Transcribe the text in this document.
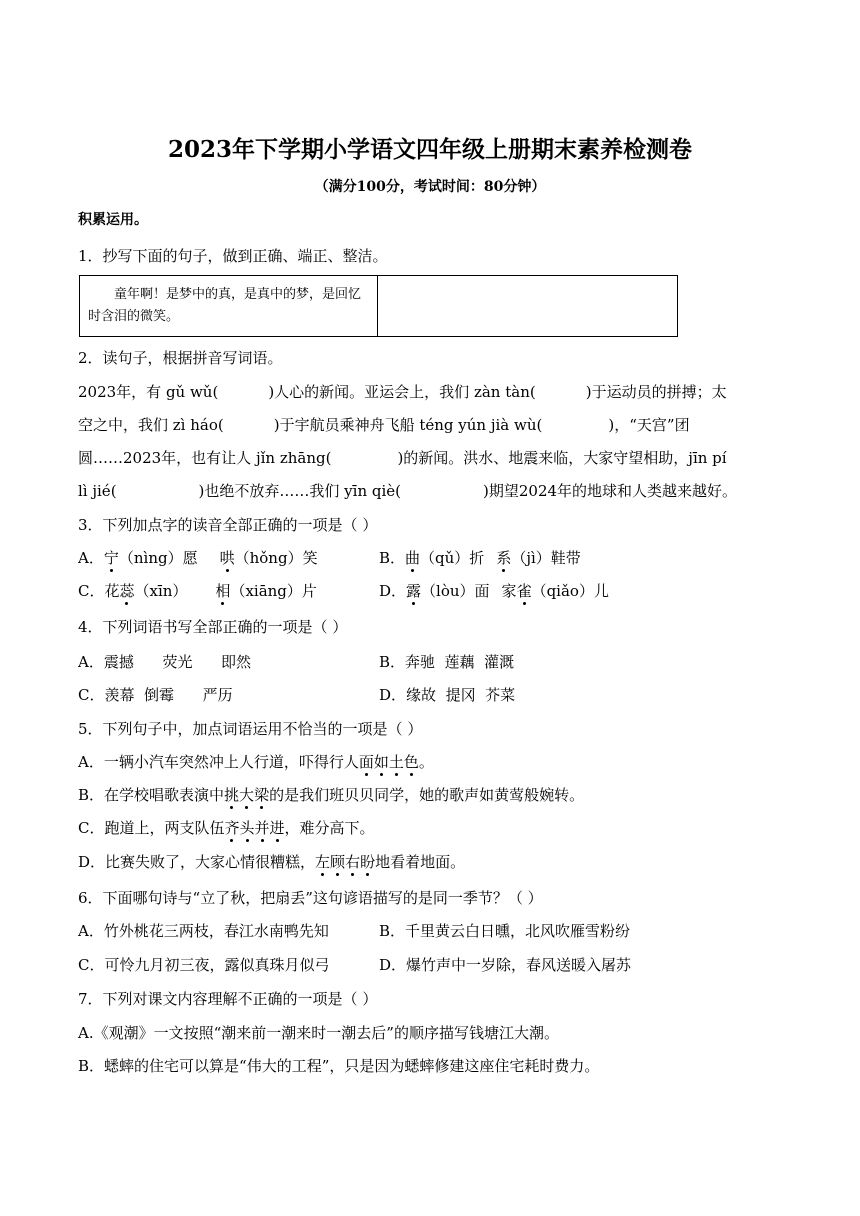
2023年下学期小学语文四年级上册期末素养检测卷
（满分100分，考试时间：80分钟）
积累运用。
1．抄写下面的句子，做到正确、端正、整洁。
童年啊！是梦中的真，是真中的梦，是回忆时含泪的微笑。
2．读句子，根据拼音写词语。
2023年，有 gǔ wǔ(	)人心的新闻。亚运会上，我们 zàn tàn(	)于运动员的拼搏；太
空之中，我们 zì háo(	)于宇航员乘神舟飞船 téng yún jià wù(	)，“天宫”团
圆……2023年，也有让人 jǐn zhāng(	)的新闻。洪水、地震来临，大家守望相助，jīn pí
lì jié(	)也绝不放弃……我们 yīn qiè(	)期望2024年的地球和人类越来越好。
3．下列加点字的读音全部正确的一项是（ ）
A．宁（nìng）愿 哄（hǒng）笑	B．曲（qǔ）折 系（jì）鞋带
C．花蕊（xīn） 相（xiāng）片	D．露（lòu）面 家雀（qiǎo）儿
4．下列词语书写全部正确的一项是（ ）
A．震撼      荧光      即然	B．奔驰  莲藕  灌溉
C．羡幕  倒霉      严历	D．缘故  提冈  芥菜
5．下列句子中，加点词语运用不恰当的一项是（ ）
A．一辆小汽车突然冲上人行道，吓得行人面如土色。
B．在学校唱歌表演中挑大梁的是我们班贝贝同学，她的歌声如黄莺般婉转。
C．跑道上，两支队伍齐头并进，难分高下。
D．比赛失败了，大家心情很糟糕，左顾右盼地看着地面。
6．下面哪句诗与“立了秋，把扇丢”这句谚语描写的是同一季节？（ ）
A．竹外桃花三两枝，春江水南鸭先知	B．千里黄云白日曛，北风吹雁雪粉纷
C．可怜九月初三夜，露似真珠月似弓	D．爆竹声中一岁除，春风送暖入屠苏
7．下列对课文内容理解不正确的一项是（ ）
A.《观潮》一文按照“潮来前一潮来时一潮去后”的顺序描写钱塘江大潮。
B．蟋蟀的住宅可以算是“伟大的工程”，只是因为蟋蟀修建这座住宅耗时费力。
